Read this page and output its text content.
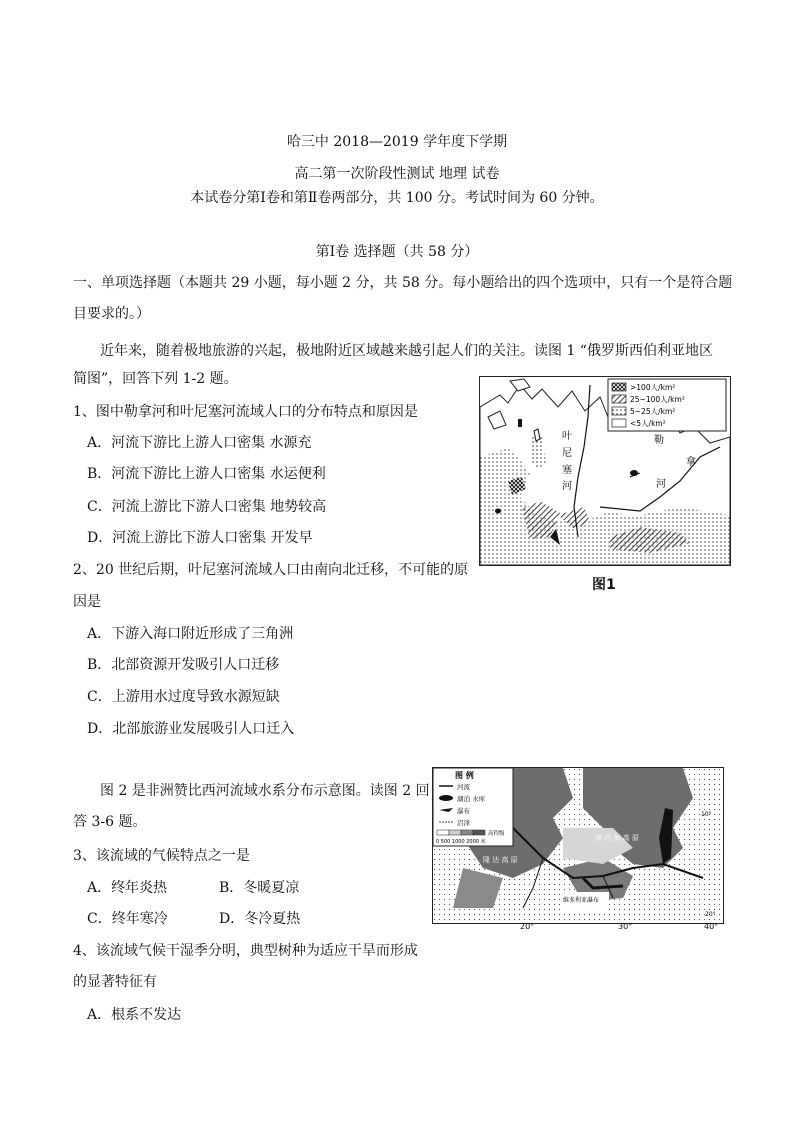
哈三中 2018—2019 学年度下学期
高二第一次阶段性测试 地理 试卷
本试卷分第Ⅰ卷和第Ⅱ卷两部分，共 100 分。考试时间为 60 分钟。
第Ⅰ卷 选择题（共 58 分）
一、单项选择题（本题共 29 小题，每小题 2 分，共 58 分。每小题给出的四个选项中，只有一个是符合题
目要求的。）
近年来，随着极地旅游的兴起，极地附近区域越来越引起人们的关注。读图 1 “俄罗斯西伯利亚地区
简图”，回答下列 1-2 题。
1、图中勒拿河和叶尼塞河流域人口的分布特点和原因是
A．河流下游比上游人口密集 水源充
B．河流下游比上游人口密集 水运便利
C．河流上游比下游人口密集 地势较高
D．河流上游比下游人口密集 开发早
2、20 世纪后期，叶尼塞河流域人口由南向北迁移，不可能的原
因是
A．下游入海口附近形成了三角洲
B．北部资源开发吸引人口迁移
C．上游用水过度导致水源短缺
D．北部旅游业发展吸引人口迁入
>100人/km²
25~100人/km²
5~25人/km²
<5人/km²
叶
尼
塞
河
勒
拿
河
图1
图 2 是非洲赞比西河流域水系分布示意图。读图 2 回
答 3-6 题。
3、该流域的气候特点之一是
A．终年炎热	B．冬暖夏凉
C．终年寒冷	D．冬冷夏热
4、该流域气候干湿季分明，典型树种为适应干旱而形成
的显著特征有
A．根系不发达
图 例
河流
湖泊 水库
瀑布
沼泽
高程级
0 500 1000 2000 米	加 丹 加 高 原
隆 达 高 原
维多利亚瀑布
10°
20°
20°	30°	40°
